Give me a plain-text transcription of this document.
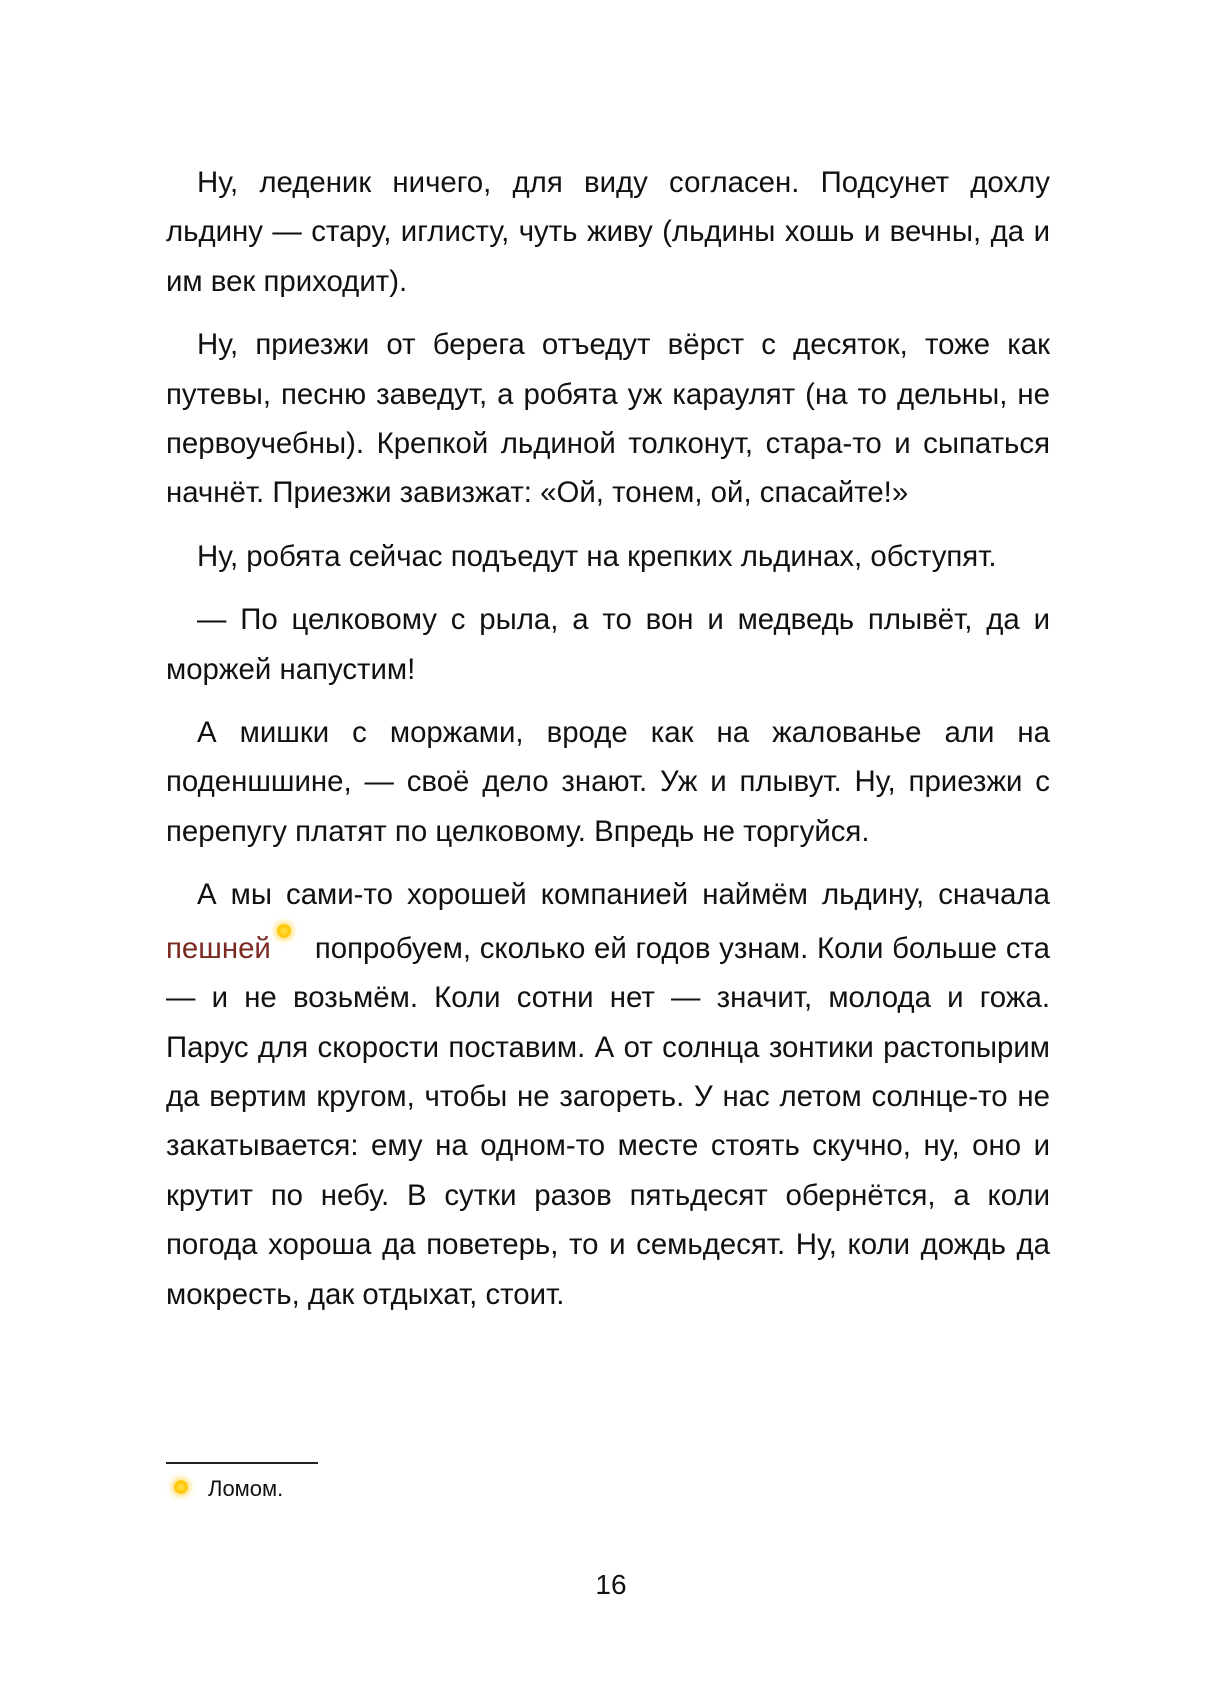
Ну, леденик ничего, для виду согласен. Подсунет дохлу льдину — стару, иглисту, чуть живу (льдины хошь и вечны, да и им век приходит).

Ну, приезжи от берега отъедут вёрст с десяток, тоже как путевы, песню заведут, а робята уж караулят (на то дельны, не первоучебны). Крепкой льдиной толконут, стара-то и сыпаться начнёт. Приезжи завизжат: «Ой, тонем, ой, спасайте!»

Ну, робята сейчас подъедут на крепких льдинах, обступят.

— По целковому с рыла, а то вон и медведь плывёт, да и моржей напустим!

А мишки с моржами, вроде как на жалованье али на поденшшине, — своё дело знают. Уж и плывут. Ну, приезжи с перепугу платят по целковому. Впредь не торгуйся.

А мы сами-то хорошей компанией наймём льдину, сначала пешней попробуем, сколько ей годов узнам. Коли больше ста — и не возьмём. Коли сотни нет — значит, молода и гожа. Парус для скорости поставим. А от солнца зонтики растопырим да вертим кругом, чтобы не загореть. У нас летом солнце-то не закатывается: ему на одном-то месте стоять скучно, ну, оно и крутит по небу. В сутки разов пятьдесят обернётся, а коли погода хороша да поветерь, то и семьдесят. Ну, коли дождь да мокресть, дак отдыхат, стоит.

Ломом.
16
